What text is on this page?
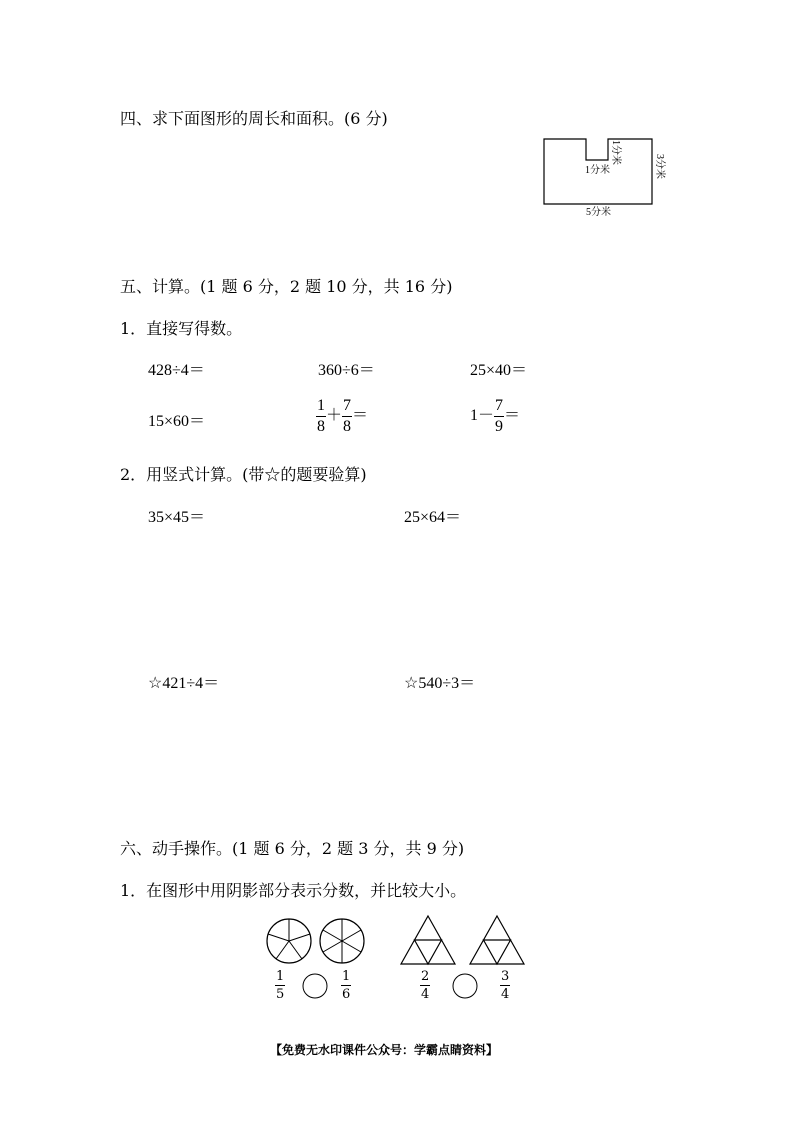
四、求下面图形的周长和面积。(6 分)
1分米
1分米
3分米
5分米
五、计算。(1 题 6 分，2 题 10 分，共 16 分)
1．直接写得数。
428÷4＝	360÷6＝	25×40＝
15×60＝	$\frac{1}{8} + \frac{7}{8}$ ＝	$1- \frac{7}{9}$ ＝
2．用竖式计算。(带☆的题要验算)
35×45＝	25×64＝
☆421÷4＝	☆540÷3＝
六、动手操作。(1 题 6 分，2 题 3 分，共 9 分)
1．在图形中用阴影部分表示分数，并比较大小。
$\frac{1}{5}$	$\frac{1}{6}$	$\frac{2}{4}$	$\frac{3}{4}$
【免费无水印课件公众号：学霸点睛资料】
